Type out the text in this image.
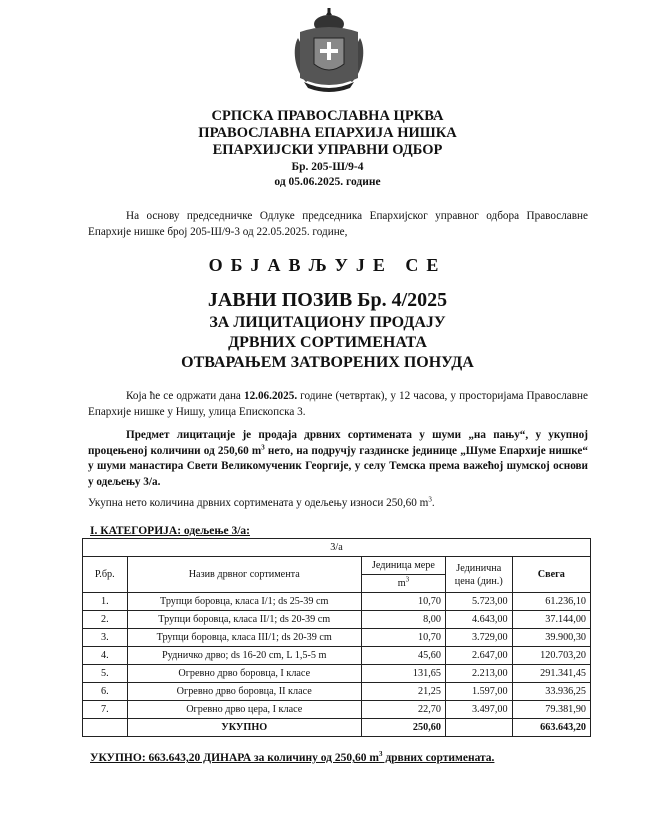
СРПСКА ПРАВОСЛАВНА ЦРКВА
ПРАВОСЛАВНА ЕПАРХИЈА НИШКА
ЕПАРХИЈСКИ УПРАВНИ ОДБОР
Бр. 205-Ш/9-4
од 05.06.2025. године
На основу председничке Одлуке председника Епархијског управног одбора Православне Епархије нишке број 205-Ш/9-3 од 22.05.2025. године,
ОБЈАВЉУЈЕ СЕ
ЈАВНИ ПОЗИВ Бр. 4/2025
ЗА ЛИЦИТАЦИОНУ ПРОДАЈУ
ДРВНИХ СОРТИМЕНАТА
ОТВАРАЊЕМ ЗАТВОРЕНИХ ПОНУДА
Која ће се одржати дана 12.06.2025. године (четвртак), у 12 часова, у просторијама Православне Епархије нишке у Нишу, улица Епископска 3.
Предмет лицитације је продаја дрвних сортимената у шуми „на пању“, у укупној процењеној количини од 250,60 $m^3$ нето, на подручју газдинске јединице „Шуме Епархије нишке“ у шуми манастира Свети Великомученик Георгије, у селу Темска према важећој шумској основи у одељењу 3/а.
Укупна нето количина дрвних сортимената у одељењу износи 250,60 $m^3$.
I. КАТЕГОРИЈА: одељење 3/а:
3/а				
Р.бр.	Назив дрвног сортимента	Јединица мере	Јединична цена (дин.)	Свега
		$m^3$
1.	Трупци боровца, класа I/1; ds 25-39 cm	10,70	5.723,00	61.236,10
2.	Трупци боровца, класа II/1; ds 20-39 cm	8,00	4.643,00	37.144,00
3.	Трупци боровца, класа III/1; ds 20-39 cm	10,70	3.729,00	39.900,30
4.	Рудничко дрво; ds 16-20 cm, L 1,5-5 m	45,60	2.647,00	120.703,20
5.	Огревно дрво боровца, I класе	131,65	2.213,00	291.341,45
6.	Огревно дрво боровца, II класе	21,25	1.597,00	33.936,25
7.	Огревно дрво цера, I класе	22,70	3.497,00	79.381,90
	УКУПНО	250,60		663.643,20
УКУПНО: 663.643,20 ДИНАРА за количину од 250,60 $m^3$ дрвних сортимената.
